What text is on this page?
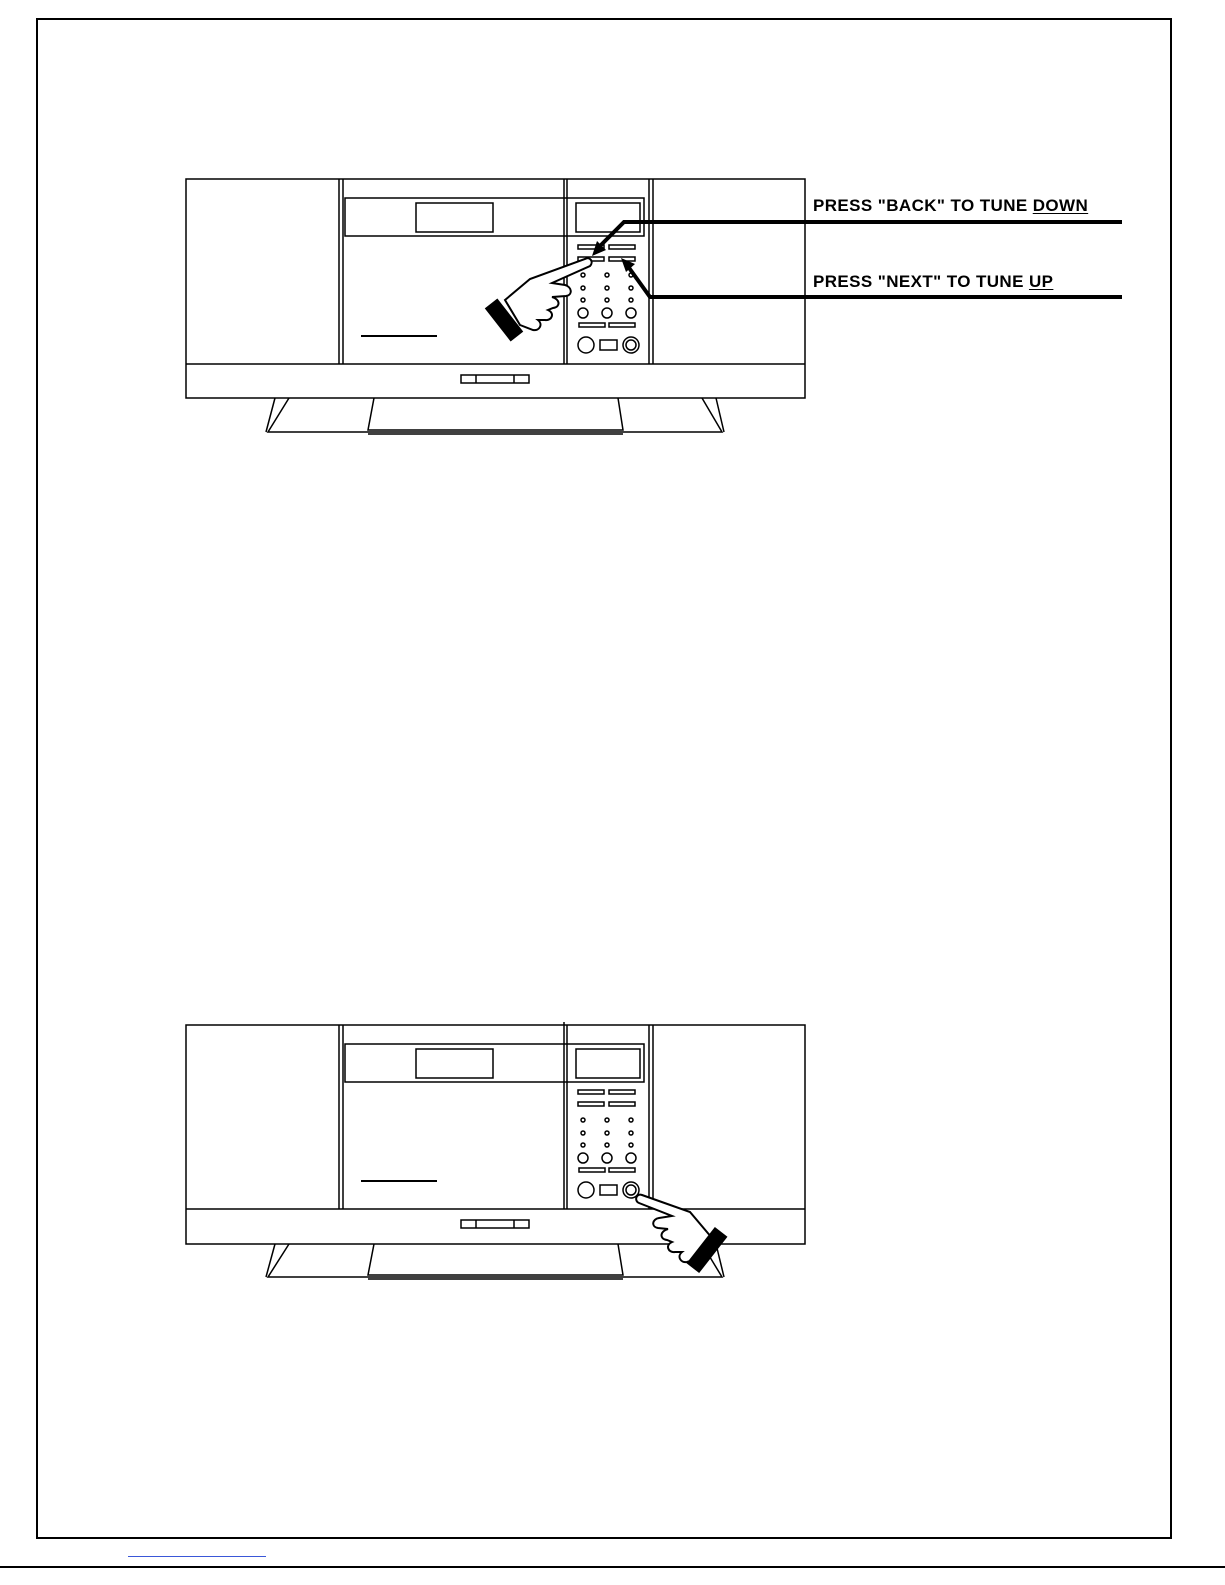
PRESS "BACK" TO TUNE DOWN
PRESS "NEXT" TO TUNE UP
